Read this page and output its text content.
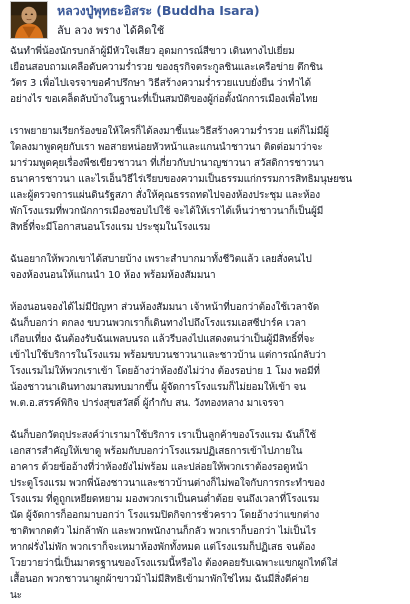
หลวงปู่พุทธะอิสระ (Buddha Isara)
ลับ ลวง พราง ได้คิดใช้

ฉันทำพี่น้องนักรบกล้าผู้มีหัวใจเสียว อุดมการณ์สีขาว เดินทางไปเยี่ยม
เยือนสอบถามเคลือดับความร่ำรวย ของธุรกิจตระกูลชินและเครือข่าย ตึกชิน
วัตร 3 เพื่อไปเจรจาขอคำปรึกษา วิธีสร้างความร่ำรวยแบบยั่งยืน ว่าทำได้
อย่างไร ขอเคล็ดลับบ้างในฐานะที่เป็นสมบัติของผู้ก่อตั้งนักการเมืองเพื่อไทย

เราพยายามเรียกร้องขอให้ใครก็ได้ลงมาชี้แนะวิธีสร้างความร่ำรวย แต่ก็ไม่มีผู้
ใดลงมาพูดคุยกับเรา พอสายหน่อยหัวหน้าและแกนนำชาวนา ติดต่อมาว่าจะ
มาร่วมพูดคุยเรื่องพืชเขียวชาวนา ที่เกี่ยวกับปานาญชาวนา สวัสดิการชาวนา
ธนาคารชาวนา และไรเอ็นวิธีไร่เรียบของความเป็นธรรมแก่กรรมการสิทธิมนุษยชน
และผู้ตรวจการแผ่นดินรัฐสภา สั่งให้คุณธรรถทดไปจองห้องประชุม และห้อง
พักโรงแรมที่พวกนักการเมืองชอบไปใช้ จะได้ให้เราได้เห็นว่าชาวนาก็เป็นผู้มี
สิทธิ์ที่จะมีโอกาสนอนโรงแรม ประชุมในโรงแรม

ฉันอยากให้พวกเขาได้สบายบ้าง เพราะสำบากมาทั้งชีวิตแล้ว เลยสั่งคนไป
จองห้องนอนให้แกนนำ 10 ห้อง พร้อมห้องสัมมนา

ห้องนอนจองได้ไม่มีปัญหา ส่วนห้องสัมมนา เจ้าหน้าที่บอกว่าต้องใช้เวลาจัด
ฉันก็บอกว่า ตกลง ขบวนพวกเราก็เดินทางไปถึงโรงแรมเอสซีปาร์ค เวลา
เกือบเที่ยง ฉันต้องรับฉันเพลบนรถ แล้วรีบลงไปแสดงตนว่าเป็นผู้มีสิทธิ์ที่จะ
เข้าไปใช้บริการในโรงแรม พร้อมขบวนชาวนาและชาวบ้าน แต่การณ์กลับว่า
โรงแรมไม่ให้พวกเราเข้า โดยอ้างว่าห้องยังไม่ว่าง ต้องรอบ่าย 1 โมง พอมีที่
น้องชาวนาเดินทางมาสมทบมากขึ้น ผู้จัดการโรงแรมก็ไม่ยอมให้เข้า จน
พ.ต.อ.สรรค์พิกิจ ปาร่งสุขสวัสดิ์ ผู้กำกับ สน. วังทองหลาง มาเจรจา

ฉันก็บอกวัตถุประสงค์ว่าเรามาใช้บริการ เราเป็นลูกค้าของโรงแรม ฉันก็ใช้
เอกสารสำคัญให้เขาดู พร้อมกับบอกว่าโรงแรมปฏิเสธการเข้าไปภายใน
อาคาร ด้วยข้ออ้างที่ว่าห้องยังไม่พร้อม และปล่อยให้พวกเราต้องรอดูหน้า
ประตูโรงแรม พวกพี่น้องชาวนาและชาวบ้านต่างก็ไม่พอใจกับการกระทำของ
โรงแรม ที่ดูถูกเหยียดหยาม มองพวกเราเป็นคนต่ำต้อย จนถึงเวลาที่โรงแรม
นัด ผู้จัดการก็ออกมาบอกว่า โรงแรมปิดกิจการชั่วคราว โดยอ้างว่าแขกต่าง
ชาติพากดตัว ไม่กล้าพัก และพวกพนักงานก็กลัว พวกเราก็บอกว่า ไม่เป็นไร
หากฝรั่งไม่พัก พวกเราก็จะเหมาห้องพักทั้งหมด แต่โรงแรมก็ปฏิเสธ จนต้อง
โวยวายว่านี่เป็นมาตรฐานของโรงแรมนี้หรือไง ต้องคอยรับเฉพาะแขกผูกไทด์ใส่
เสื้อนอก พวกชาวนาผูกผ้าขาวม้าไม่มีสิทธิเข้ามาพักใช่ไหม ฉันมีสิ่งดีค่าย
นะ
